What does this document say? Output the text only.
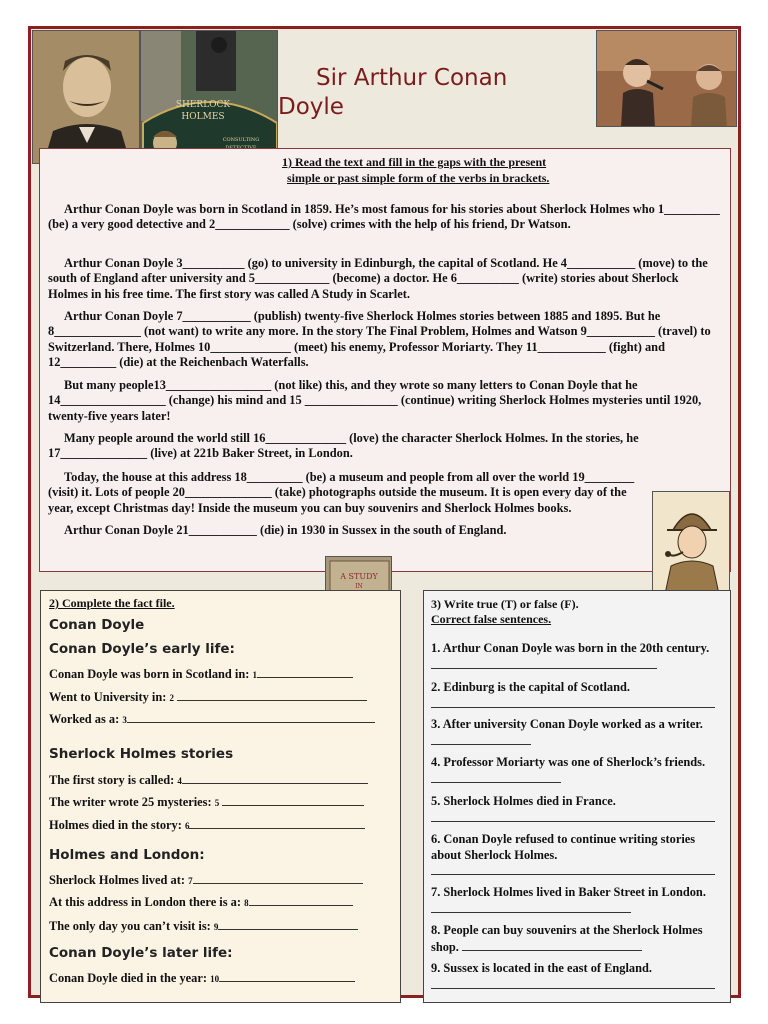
SHERLOCK
HOLMES
CONSULTING
Sir Arthur Conan
Doyle
1) Read the text and fill in the gaps with the present
simple or past simple form of the verbs in brackets.
Arthur Conan Doyle was born in Scotland in 1859. He’s most famous for his stories about Sherlock Holmes who 1_________ (be) a very good detective and 2____________ (solve) crimes with the help of his friend, Dr Watson.
Arthur Conan Doyle 3__________ (go) to university in Edinburgh, the capital of Scotland. He 4___________ (move) to the south of England after university and 5____________ (become) a doctor. He 6__________ (write) stories about Sherlock Holmes in his free time. The first story was called A Study in Scarlet.
Arthur Conan Doyle 7___________ (publish) twenty-five Sherlock Holmes stories between 1885 and 1895. But he 8______________ (not want) to write any more. In the story The Final Problem, Holmes and Watson 9___________ (travel) to Switzerland. There, Holmes 10_____________ (meet) his enemy, Professor Moriarty. They 11___________ (fight) and 12_________ (die) at the Reichenbach Waterfalls.
But many people13_________________ (not like) this, and they wrote so many letters to Conan Doyle that he 14_________________ (change) his mind and 15 _______________ (continue) writing Sherlock Holmes mysteries until 1920, twenty-five years later!
Many people around the world still 16_____________ (love) the character Sherlock Holmes. In the stories, he 17______________ (live) at 221b Baker Street, in London.
Today, the house at this address 18_________ (be) a museum and people from all over the world 19________ (visit) it. Lots of people 20______________ (take) photographs outside the museum. It is open every day of the year, except Christmas day! Inside the museum you can buy souvenirs and Sherlock Holmes books.
Arthur Conan Doyle 21___________ (die) in 1930 in Sussex in the south of England.
A STUDY
IN
2) Complete the fact file.
Conan Doyle
Conan Doyle’s early life:
Conan Doyle was born in Scotland in: 1
Went to University in: 2
Worked as a: 3
Sherlock Holmes stories
The first story is called: 4
The writer wrote 25 mysteries: 5
Holmes died in the story: 6
Holmes and London:
Sherlock Holmes lived at: 7
At this address in London there is a: 8
The only day you can’t visit is: 9
Conan Doyle’s later life:
Conan Doyle died in the year: 10
3) Write true (T) or false (F).
Correct false sentences.
1. Arthur Conan Doyle was born in the 20th century.

2. Edinburg is the capital of Scotland.

3. After university Conan Doyle worked as a writer.
4. Professor Moriarty was one of Sherlock’s friends.
5. Sherlock Holmes died in France.

6. Conan Doyle refused to continue writing stories about Sherlock Holmes.

7. Sherlock Holmes lived in Baker Street in London.
8. People can buy souvenirs at the Sherlock Holmes shop.
9. Sussex is located in the east of England.
